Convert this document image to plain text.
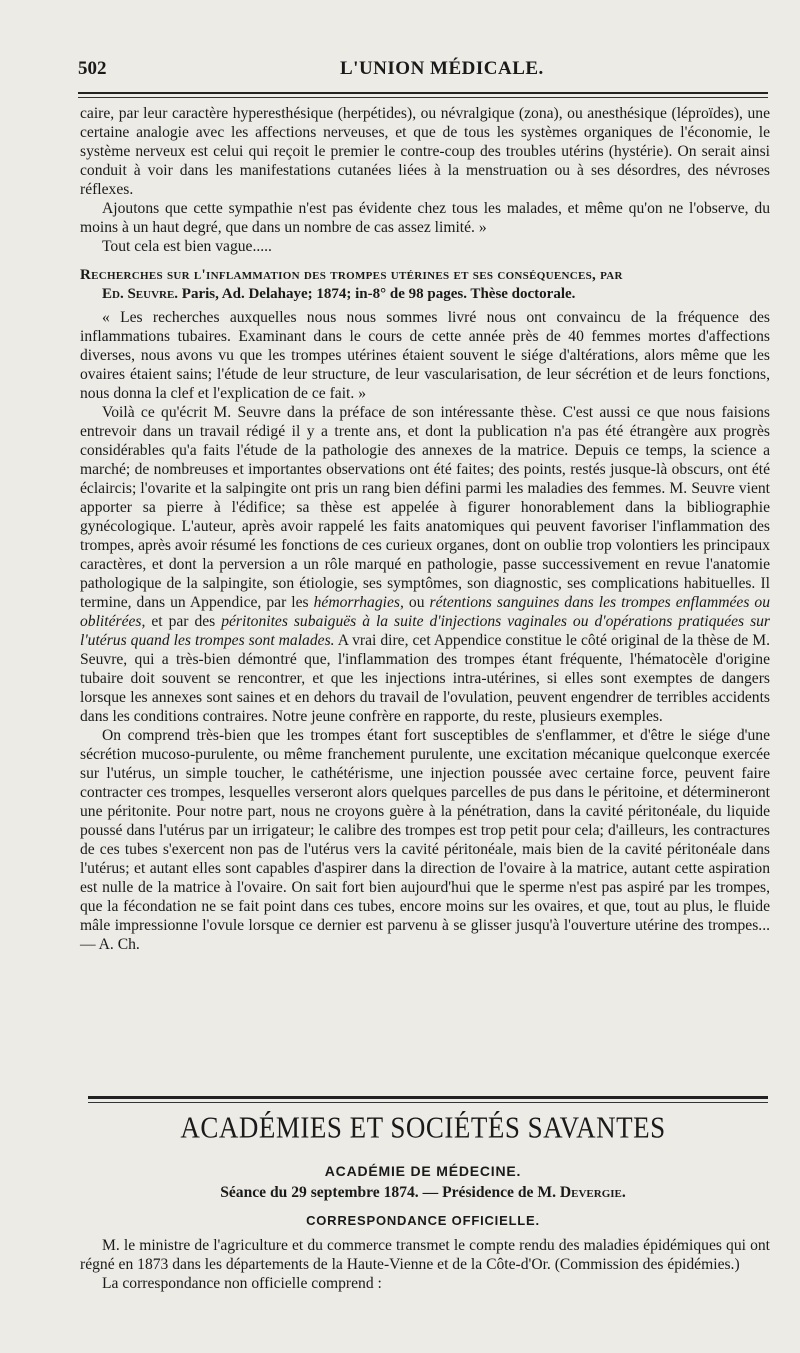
502	L'UNION MÉDICALE.

caire, par leur caractère hyperesthésique (herpétides), ou névralgique (zona), ou anesthésique (léproïdes), une certaine analogie avec les affections nerveuses, et que de tous les systèmes organiques de l'économie, le système nerveux est celui qui reçoit le premier le contre-coup des troubles utérins (hystérie). On serait ainsi conduit à voir dans les manifestations cutanées liées à la menstruation ou à ses désordres, des névroses réflexes.

Ajoutons que cette sympathie n'est pas évidente chez tous les malades, et même qu'on ne l'observe, du moins à un haut degré, que dans un nombre de cas assez limité. »

Tout cela est bien vague.....

Recherches sur l'inflammation des trompes utérines et ses conséquences, par
Ed. Seuvre. Paris, Ad. Delahaye; 1874; in-8° de 98 pages. Thèse doctorale.

« Les recherches auxquelles nous nous sommes livré nous ont convaincu de la fréquence des inflammations tubaires. Examinant dans le cours de cette année près de 40 femmes mortes d'affections diverses, nous avons vu que les trompes utérines étaient souvent le siége d'altérations, alors même que les ovaires étaient sains; l'étude de leur structure, de leur vascularisation, de leur sécrétion et de leurs fonctions, nous donna la clef et l'explication de ce fait. »

Voilà ce qu'écrit M. Seuvre dans la préface de son intéressante thèse. C'est aussi ce que nous faisions entrevoir dans un travail rédigé il y a trente ans, et dont la publication n'a pas été étrangère aux progrès considérables qu'a faits l'étude de la pathologie des annexes de la matrice. Depuis ce temps, la science a marché; de nombreuses et importantes observations ont été faites; des points, restés jusque-là obscurs, ont été éclaircis; l'ovarite et la salpingite ont pris un rang bien défini parmi les maladies des femmes. M. Seuvre vient apporter sa pierre à l'édifice; sa thèse est appelée à figurer honorablement dans la bibliographie gynécologique. L'auteur, après avoir rappelé les faits anatomiques qui peuvent favoriser l'inflammation des trompes, après avoir résumé les fonctions de ces curieux organes, dont on oublie trop volontiers les principaux caractères, et dont la perversion a un rôle marqué en pathologie, passe successivement en revue l'anatomie pathologique de la salpingite, son étiologie, ses symptômes, son diagnostic, ses complications habituelles. Il termine, dans un Appendice, par les hémorrhagies, ou rétentions sanguines dans les trompes enflammées ou oblitérées, et par des péritonites subaiguës à la suite d'injections vaginales ou d'opérations pratiquées sur l'utérus quand les trompes sont malades. A vrai dire, cet Appendice constitue le côté original de la thèse de M. Seuvre, qui a très-bien démontré que, l'inflammation des trompes étant fréquente, l'hématocèle d'origine tubaire doit souvent se rencontrer, et que les injections intra-utérines, si elles sont exemptes de dangers lorsque les annexes sont saines et en dehors du travail de l'ovulation, peuvent engendrer de terribles accidents dans les conditions contraires. Notre jeune confrère en rapporte, du reste, plusieurs exemples.

On comprend très-bien que les trompes étant fort susceptibles de s'enflammer, et d'être le siége d'une sécrétion mucoso-purulente, ou même franchement purulente, une excitation mécanique quelconque exercée sur l'utérus, un simple toucher, le cathétérisme, une injection poussée avec certaine force, peuvent faire contracter ces trompes, lesquelles verseront alors quelques parcelles de pus dans le péritoine, et détermineront une péritonite. Pour notre part, nous ne croyons guère à la pénétration, dans la cavité péritonéale, du liquide poussé dans l'utérus par un irrigateur; le calibre des trompes est trop petit pour cela; d'ailleurs, les contractures de ces tubes s'exercent non pas de l'utérus vers la cavité péritonéale, mais bien de la cavité péritonéale dans l'utérus; et autant elles sont capables d'aspirer dans la direction de l'ovaire à la matrice, autant cette aspiration est nulle de la matrice à l'ovaire. On sait fort bien aujourd'hui que le sperme n'est pas aspiré par les trompes, que la fécondation ne se fait point dans ces tubes, encore moins sur les ovaires, et que, tout au plus, le fluide mâle impressionne l'ovule lorsque ce dernier est parvenu à se glisser jusqu'à l'ouverture utérine des trompes... — A. Ch.

ACADÉMIES ET SOCIÉTÉS SAVANTES
ACADÉMIE DE MÉDECINE.
Séance du 29 septembre 1874. — Présidence de M. Devergie.
CORRESPONDANCE OFFICIELLE.

M. le ministre de l'agriculture et du commerce transmet le compte rendu des maladies épidémiques qui ont régné en 1873 dans les départements de la Haute-Vienne et de la Côte-d'Or. (Commission des épidémies.)

La correspondance non officielle comprend :
